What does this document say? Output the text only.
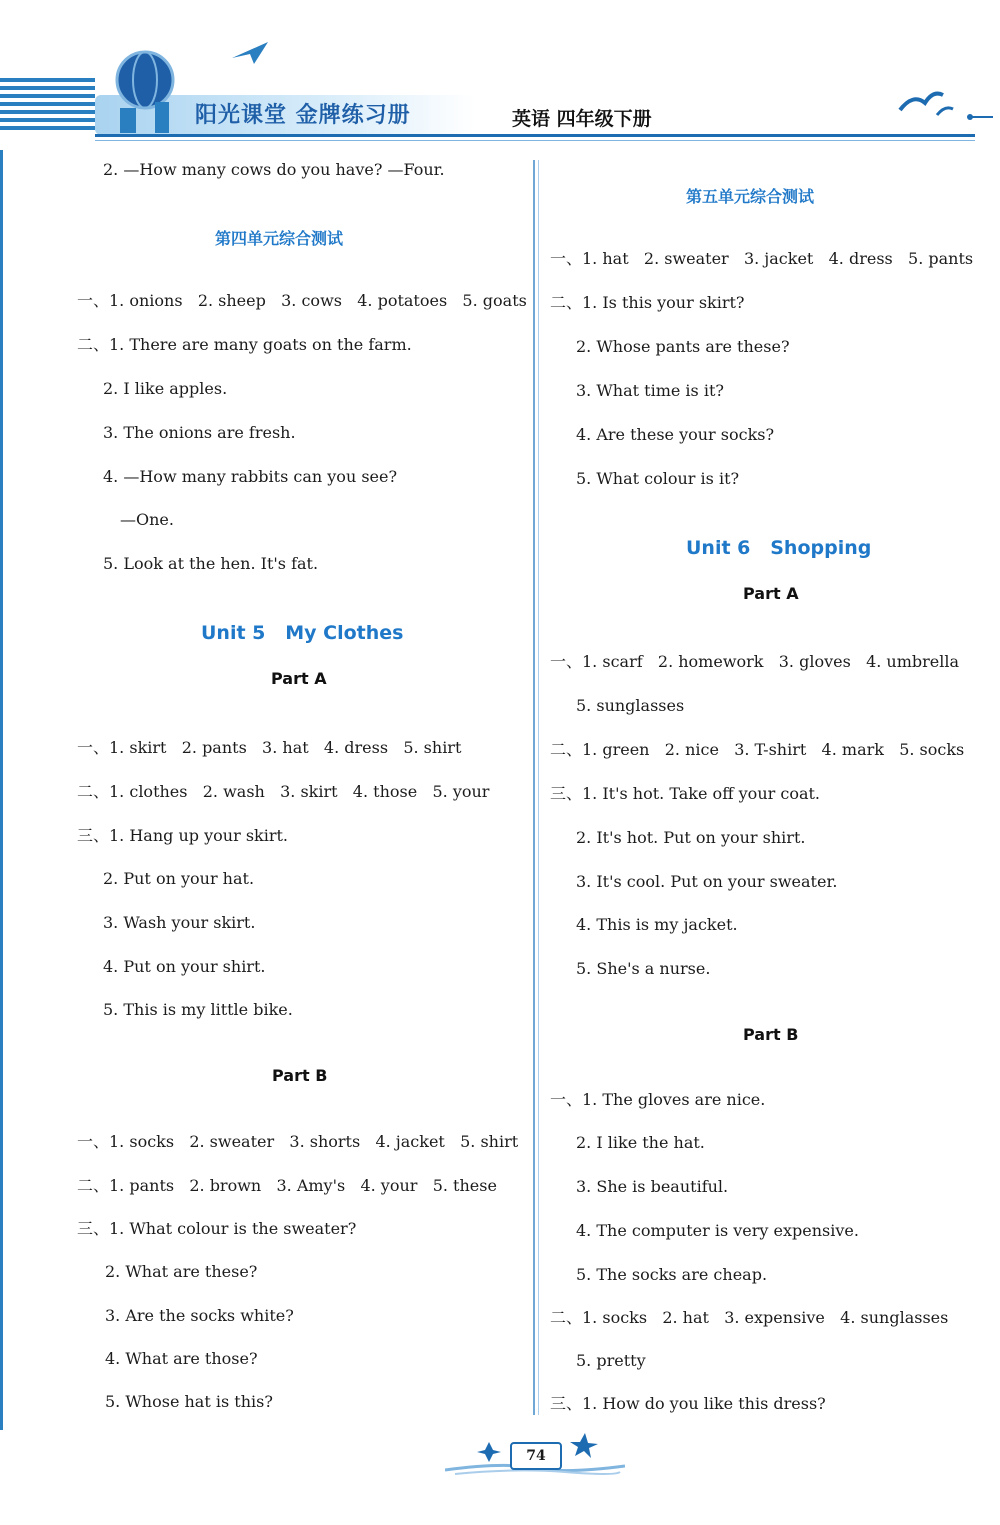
阳光课堂 金牌练习册	英语 四年级下册
2. —How many cows do you have? —Four.
第四单元综合测试
一、1. onions   2. sheep   3. cows   4. potatoes   5. goats
二、1. There are many goats on the farm.
2. I like apples.
3. The onions are fresh.
4. —How many rabbits can you see?
—One.
5. Look at the hen. It's fat.
Unit 5   My Clothes
Part A
一、1. skirt   2. pants   3. hat   4. dress   5. shirt
二、1. clothes   2. wash   3. skirt   4. those   5. your
三、1. Hang up your skirt.
2. Put on your hat.
3. Wash your skirt.
4. Put on your shirt.
5. This is my little bike.
Part B
一、1. socks   2. sweater   3. shorts   4. jacket   5. shirt
二、1. pants   2. brown   3. Amy's   4. your   5. these
三、1. What colour is the sweater?
2. What are these?
3. Are the socks white?
4. What are those?
5. Whose hat is this?
第五单元综合测试
一、1. hat   2. sweater   3. jacket   4. dress   5. pants
二、1. Is this your skirt?
2. Whose pants are these?
3. What time is it?
4. Are these your socks?
5. What colour is it?
Unit 6   Shopping
Part A
一、1. scarf   2. homework   3. gloves   4. umbrella
5. sunglasses
二、1. green   2. nice   3. T-shirt   4. mark   5. socks
三、1. It's hot. Take off your coat.
2. It's hot. Put on your shirt.
3. It's cool. Put on your sweater.
4. This is my jacket.
5. She's a nurse.
Part B
一、1. The gloves are nice.
2. I like the hat.
3. She is beautiful.
4. The computer is very expensive.
5. The socks are cheap.
二、1. socks   2. hat   3. expensive   4. sunglasses
5. pretty
三、1. How do you like this dress?
74
